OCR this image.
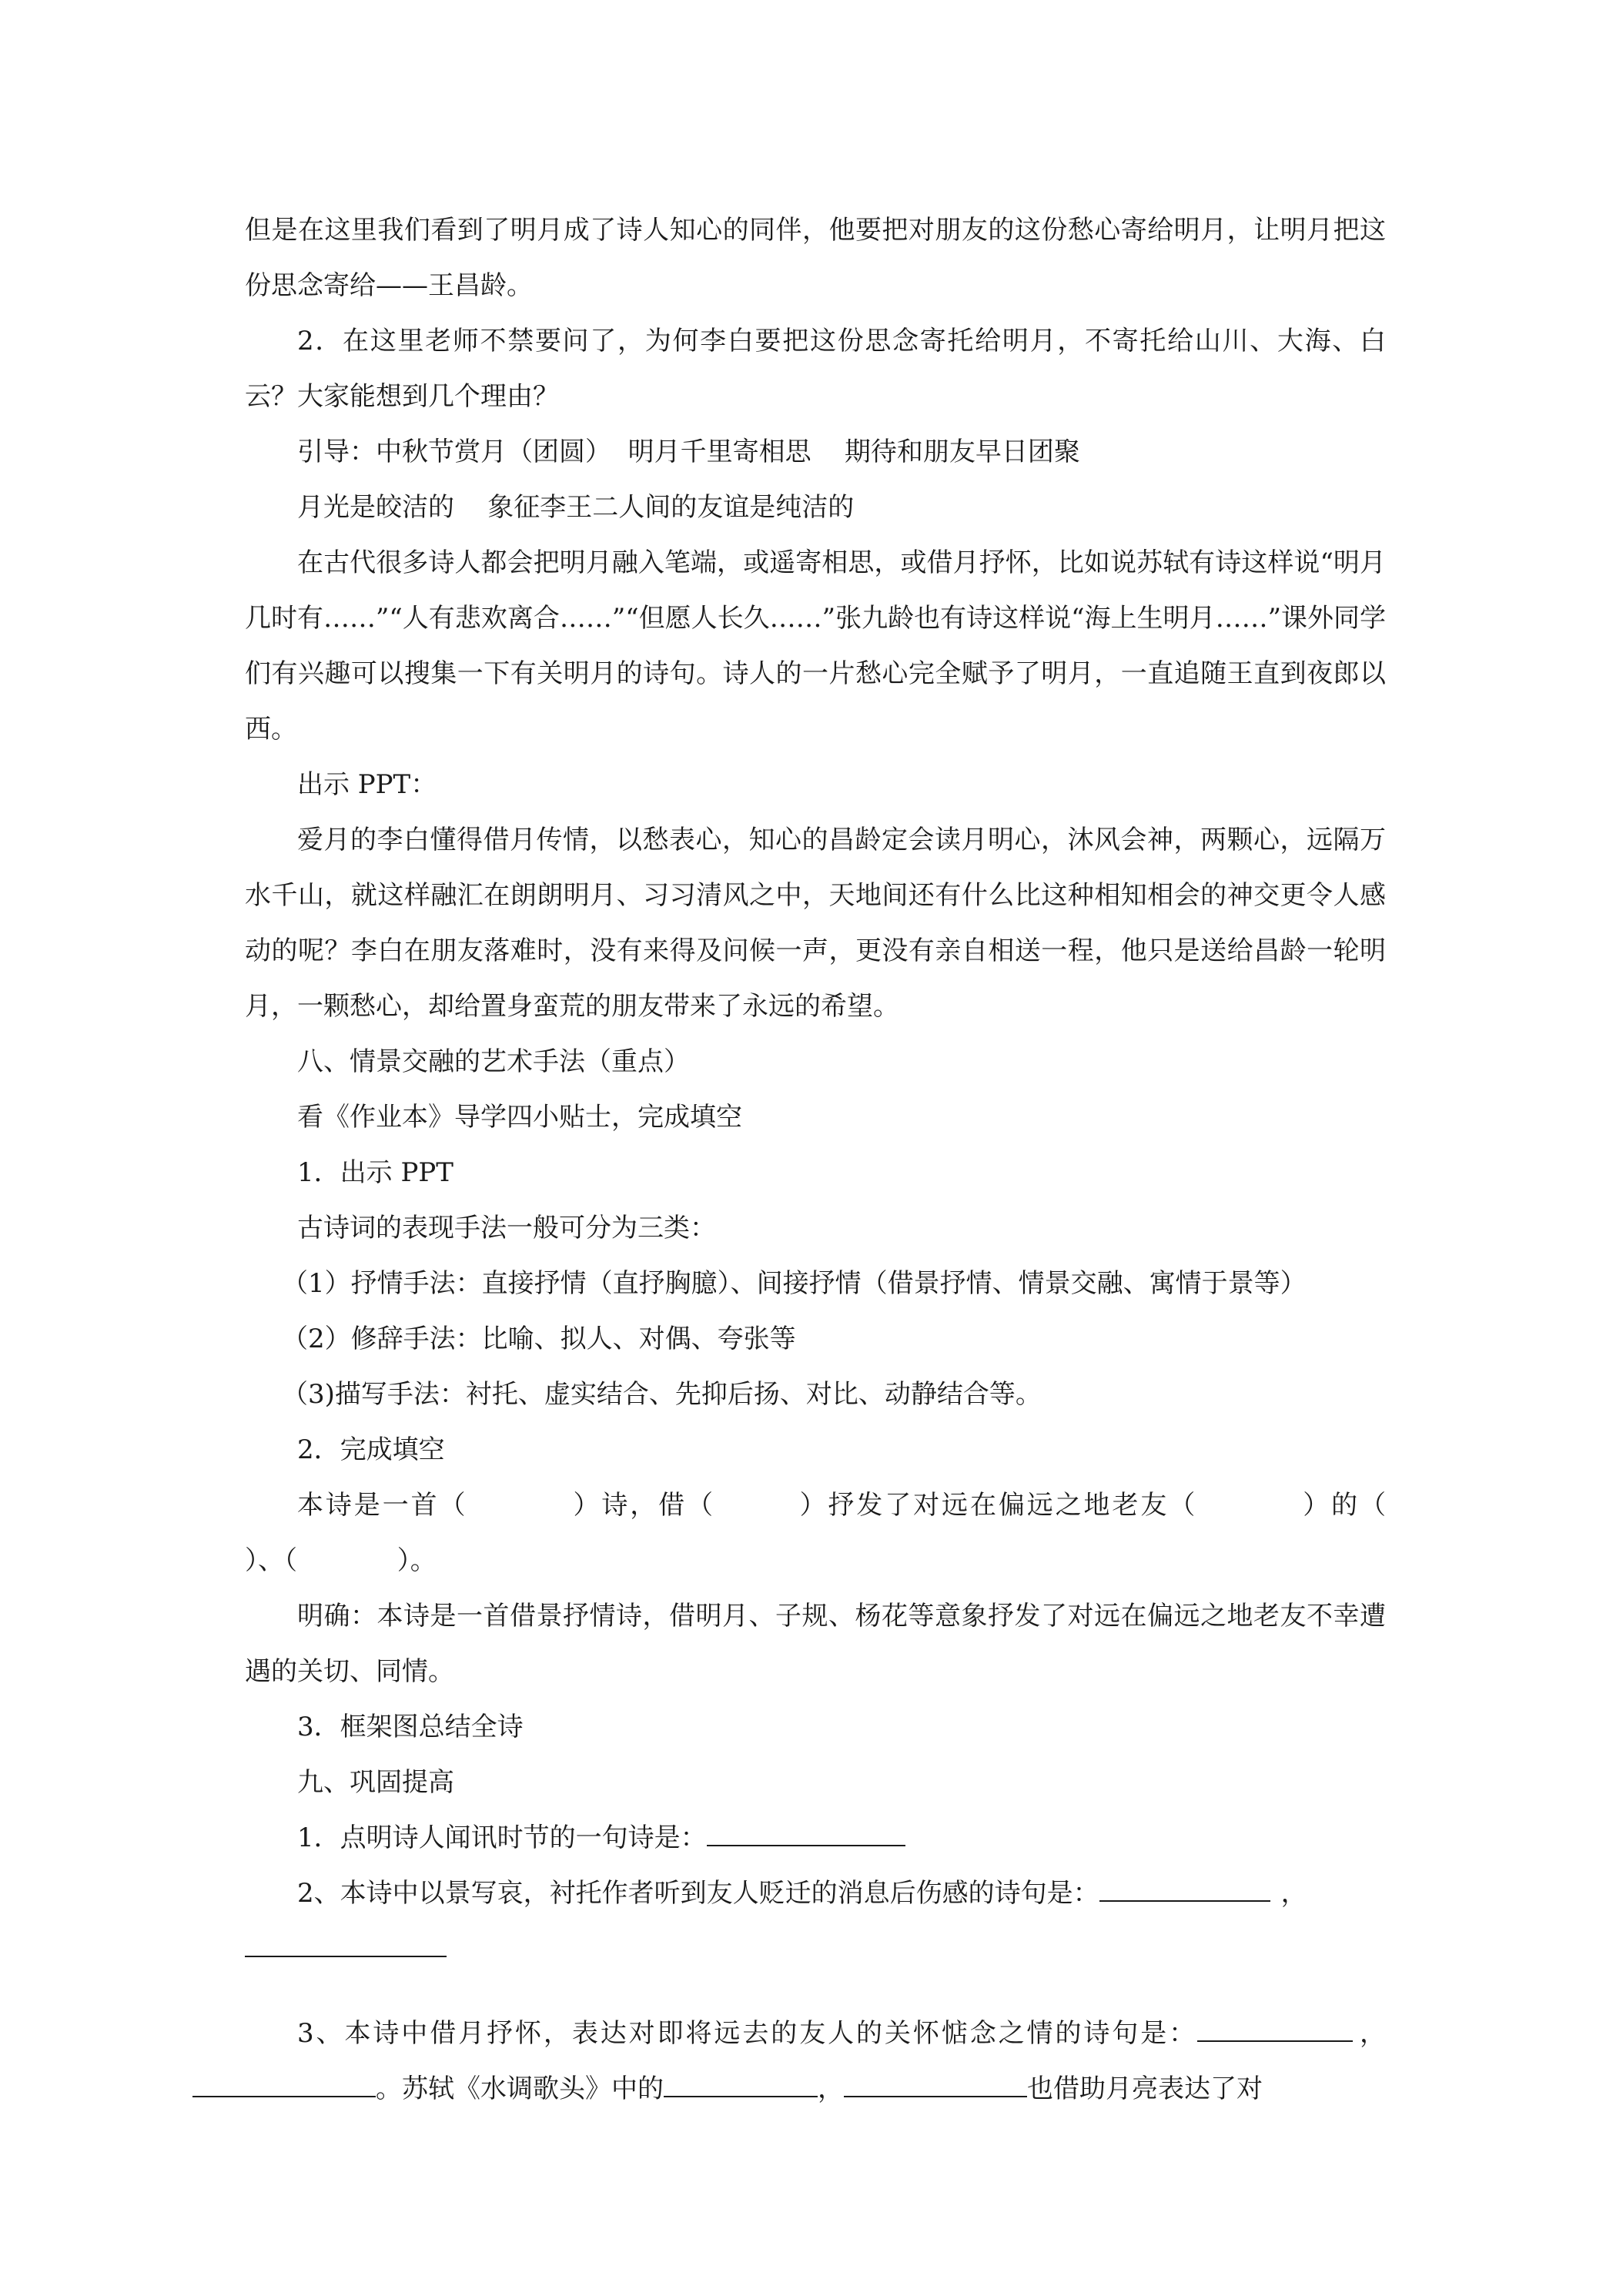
但是在这里我们看到了明月成了诗人知心的同伴，他要把对朋友的这份愁心寄给明月，让明月把这份思念寄给——王昌龄。

2．在这里老师不禁要问了，为何李白要把这份思念寄托给明月，不寄托给山川、大海、白云？大家能想到几个理由？

引导：中秋节赏月（团圆）  明月千里寄相思    期待和朋友早日团聚

月光是皎洁的    象征李王二人间的友谊是纯洁的

在古代很多诗人都会把明月融入笔端，或遥寄相思，或借月抒怀，比如说苏轼有诗这样说“明月几时有……”“人有悲欢离合……”“但愿人长久……”张九龄也有诗这样说“海上生明月……”课外同学们有兴趣可以搜集一下有关明月的诗句。诗人的一片愁心完全赋予了明月，一直追随王直到夜郎以西。

出示 PPT：

爱月的李白懂得借月传情，以愁表心，知心的昌龄定会读月明心，沐风会神，两颗心，远隔万水千山，就这样融汇在朗朗明月、习习清风之中，天地间还有什么比这种相知相会的神交更令人感动的呢？李白在朋友落难时，没有来得及问候一声，更没有亲自相送一程，他只是送给昌龄一轮明月，一颗愁心，却给置身蛮荒的朋友带来了永远的希望。

八、情景交融的艺术手法（重点）

看《作业本》导学四小贴士，完成填空

1．出示 PPT

古诗词的表现手法一般可分为三类：

（1）抒情手法：直接抒情（直抒胸臆）、间接抒情（借景抒情、情景交融、寓情于景等）

（2）修辞手法：比喻、拟人、对偶、夸张等

（3)描写手法：衬托、虚实结合、先抑后扬、对比、动静结合等。

2．完成填空

本诗是一首（          ）诗，借（        ）抒发了对远在偏远之地老友（          ）的（            ）、（            ）。

明确：本诗是一首借景抒情诗，借明月、子规、杨花等意象抒发了对远在偏远之地老友不幸遭遇的关切、同情。

3．框架图总结全诗

九、巩固提高

1．点明诗人闻讯时节的一句诗是：

2、本诗中以景写哀，衬托作者听到友人贬迁的消息后伤感的诗句是：	，

3、本诗中借月抒怀，表达对即将远去的友人的关怀惦念之情的诗句是：	， 。苏轼《水调歌头》中的	，	也借助月亮表达了对
